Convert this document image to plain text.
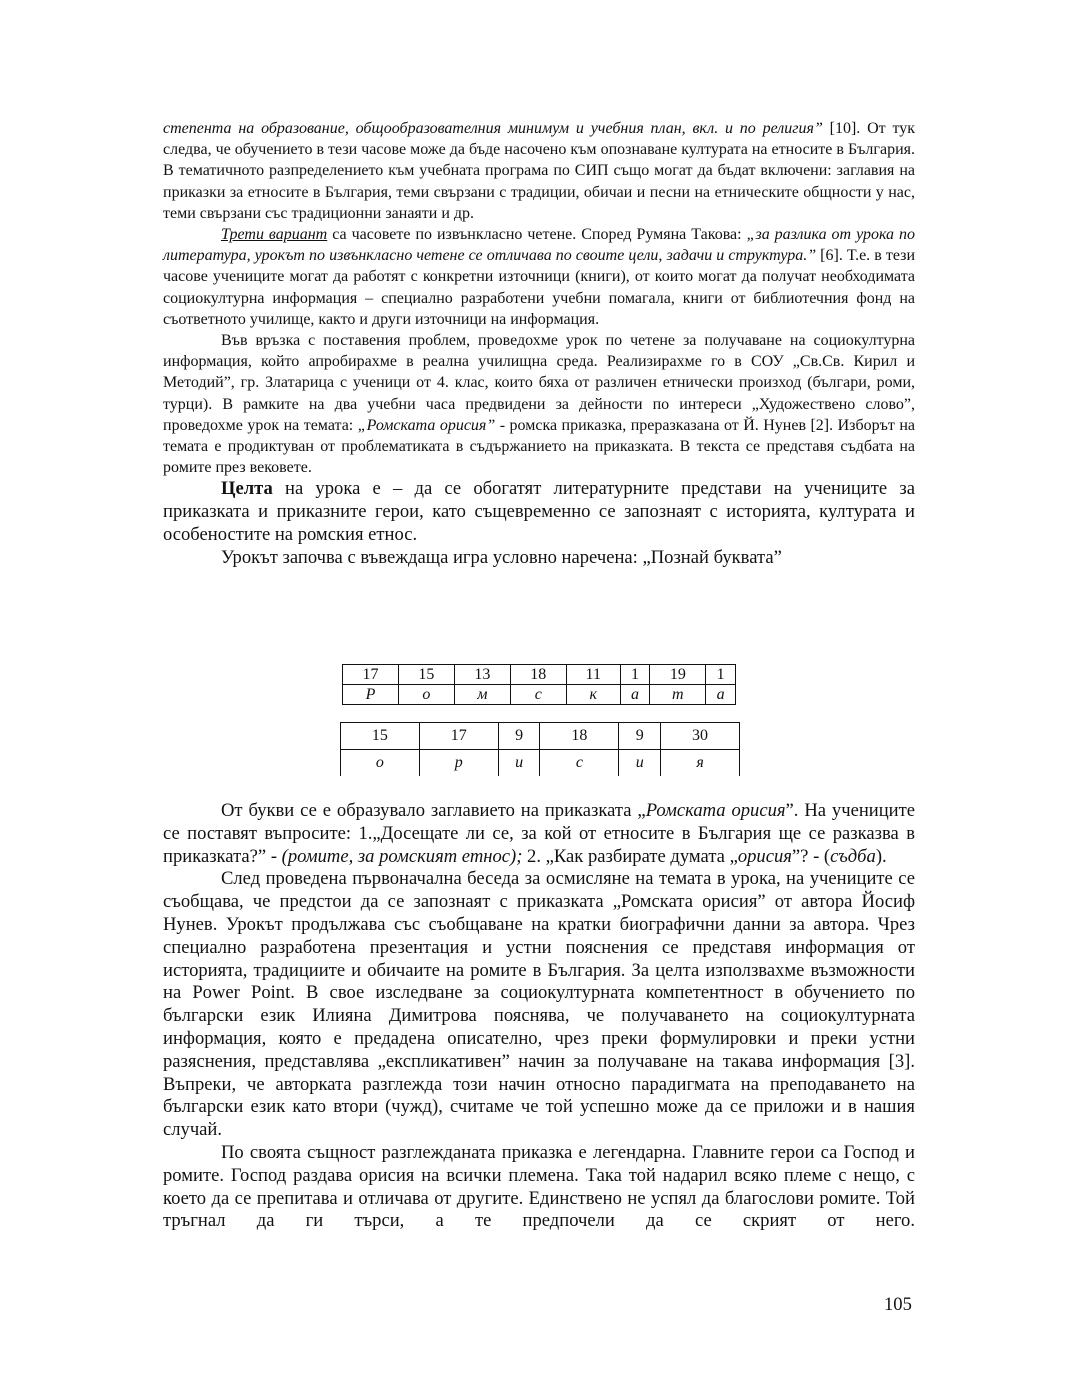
степента на образование, общообразователния минимум и учебния план, вкл. и по религия” [10]. От тук следва, че обучението в тези часове може да бъде насочено към опознаване културата на етносите в България. В тематичното разпределението към учебната програма по СИП също могат да бъдат включени: заглавия на приказки за етносите в България, теми свързани с традиции, обичаи и песни на етническите общности у нас, теми свързани със традиционни занаяти и др.

Трети вариант са часовете по извънкласно четене. Според Румяна Такова: „за разлика от урока по литература, урокът по извънкласно четене се отличава по своите цели, задачи и структура.” [6]. Т.е. в тези часове учениците могат да работят с конкретни източници (книги), от които могат да получат необходимата социокултурна информация – специално разработени учебни помагала, книги от библиотечния фонд на съответното училище, както и други източници на информация.

Във връзка с поставения проблем, проведохме урок по четене за получаване на социокултурна информация, който апробирахме в реална училищна среда. Реализирахме го в СОУ „Св.Св. Кирил и Методий”, гр. Златарица с ученици от 4. клас, които бяха от различен етнически произход (българи, роми, турци). В рамките на два учебни часа предвидени за дейности по интереси „Художествено слово”, проведохме урок на темата: „Ромската орисия” - ромска приказка, преразказана от Й. Нунев [2]. Изборът на темата е продиктуван от проблематиката в съдържанието на приказката. В текста се представя съдбата на ромите през вековете.

Целта на урока е – да се обогатят литературните представи на учениците за приказката и приказните герои, като същевременно се запознаят с историята, културата и особеностите на ромския етнос.

Урокът започва с въвеждаща игра условно наречена: „Познай буквата”

17	15	13	18	11	1	19	1
Р	о	м	с	к	а	т	а
15	17	9	18	9	30
о	р	и	с	и	я

От букви се е образувало заглавието на приказката „Ромската орисия”. На учениците се поставят въпросите: 1.„Досещате ли се, за кой от етносите в България ще се разказва в приказката?” - (ромите, за ромският етнос); 2. „Как разбирате думата „орисия”? - (съдба).

След проведена първоначална беседа за осмисляне на темата в урока, на учениците се съобщава, че предстои да се запознаят с приказката „Ромската орисия” от автора Йосиф Нунев. Урокът продължава със съобщаване на кратки биографични данни за автора. Чрез специално разработена презентация и устни пояснения се представя информация от историята, традициите и обичаите на ромите в България. За целта използвахме възможности на Power Point. В свое изследване за социокултурната компетентност в обучението по български език Илияна Димитрова пояснява, че получаването на социокултурната информация, която е предадена описателно, чрез преки формулировки и преки устни разяснения, представлява „експликативен” начин за получаване на такава информация [3]. Въпреки, че авторката разглежда този начин относно парадигмата на преподаването на български език като втори (чужд), считаме че той успешно може да се приложи и в нашия случай.

По своята същност разглежданата приказка е легендарна. Главните герои са Господ и ромите. Господ раздава орисия на всички племена. Така той надарил всяко племе с нещо, с което да се препитава и отличава от другите. Единствено не успял да благослови ромите. Той тръгнал да ги търси, а те предпочели да се скрият от него.

105
